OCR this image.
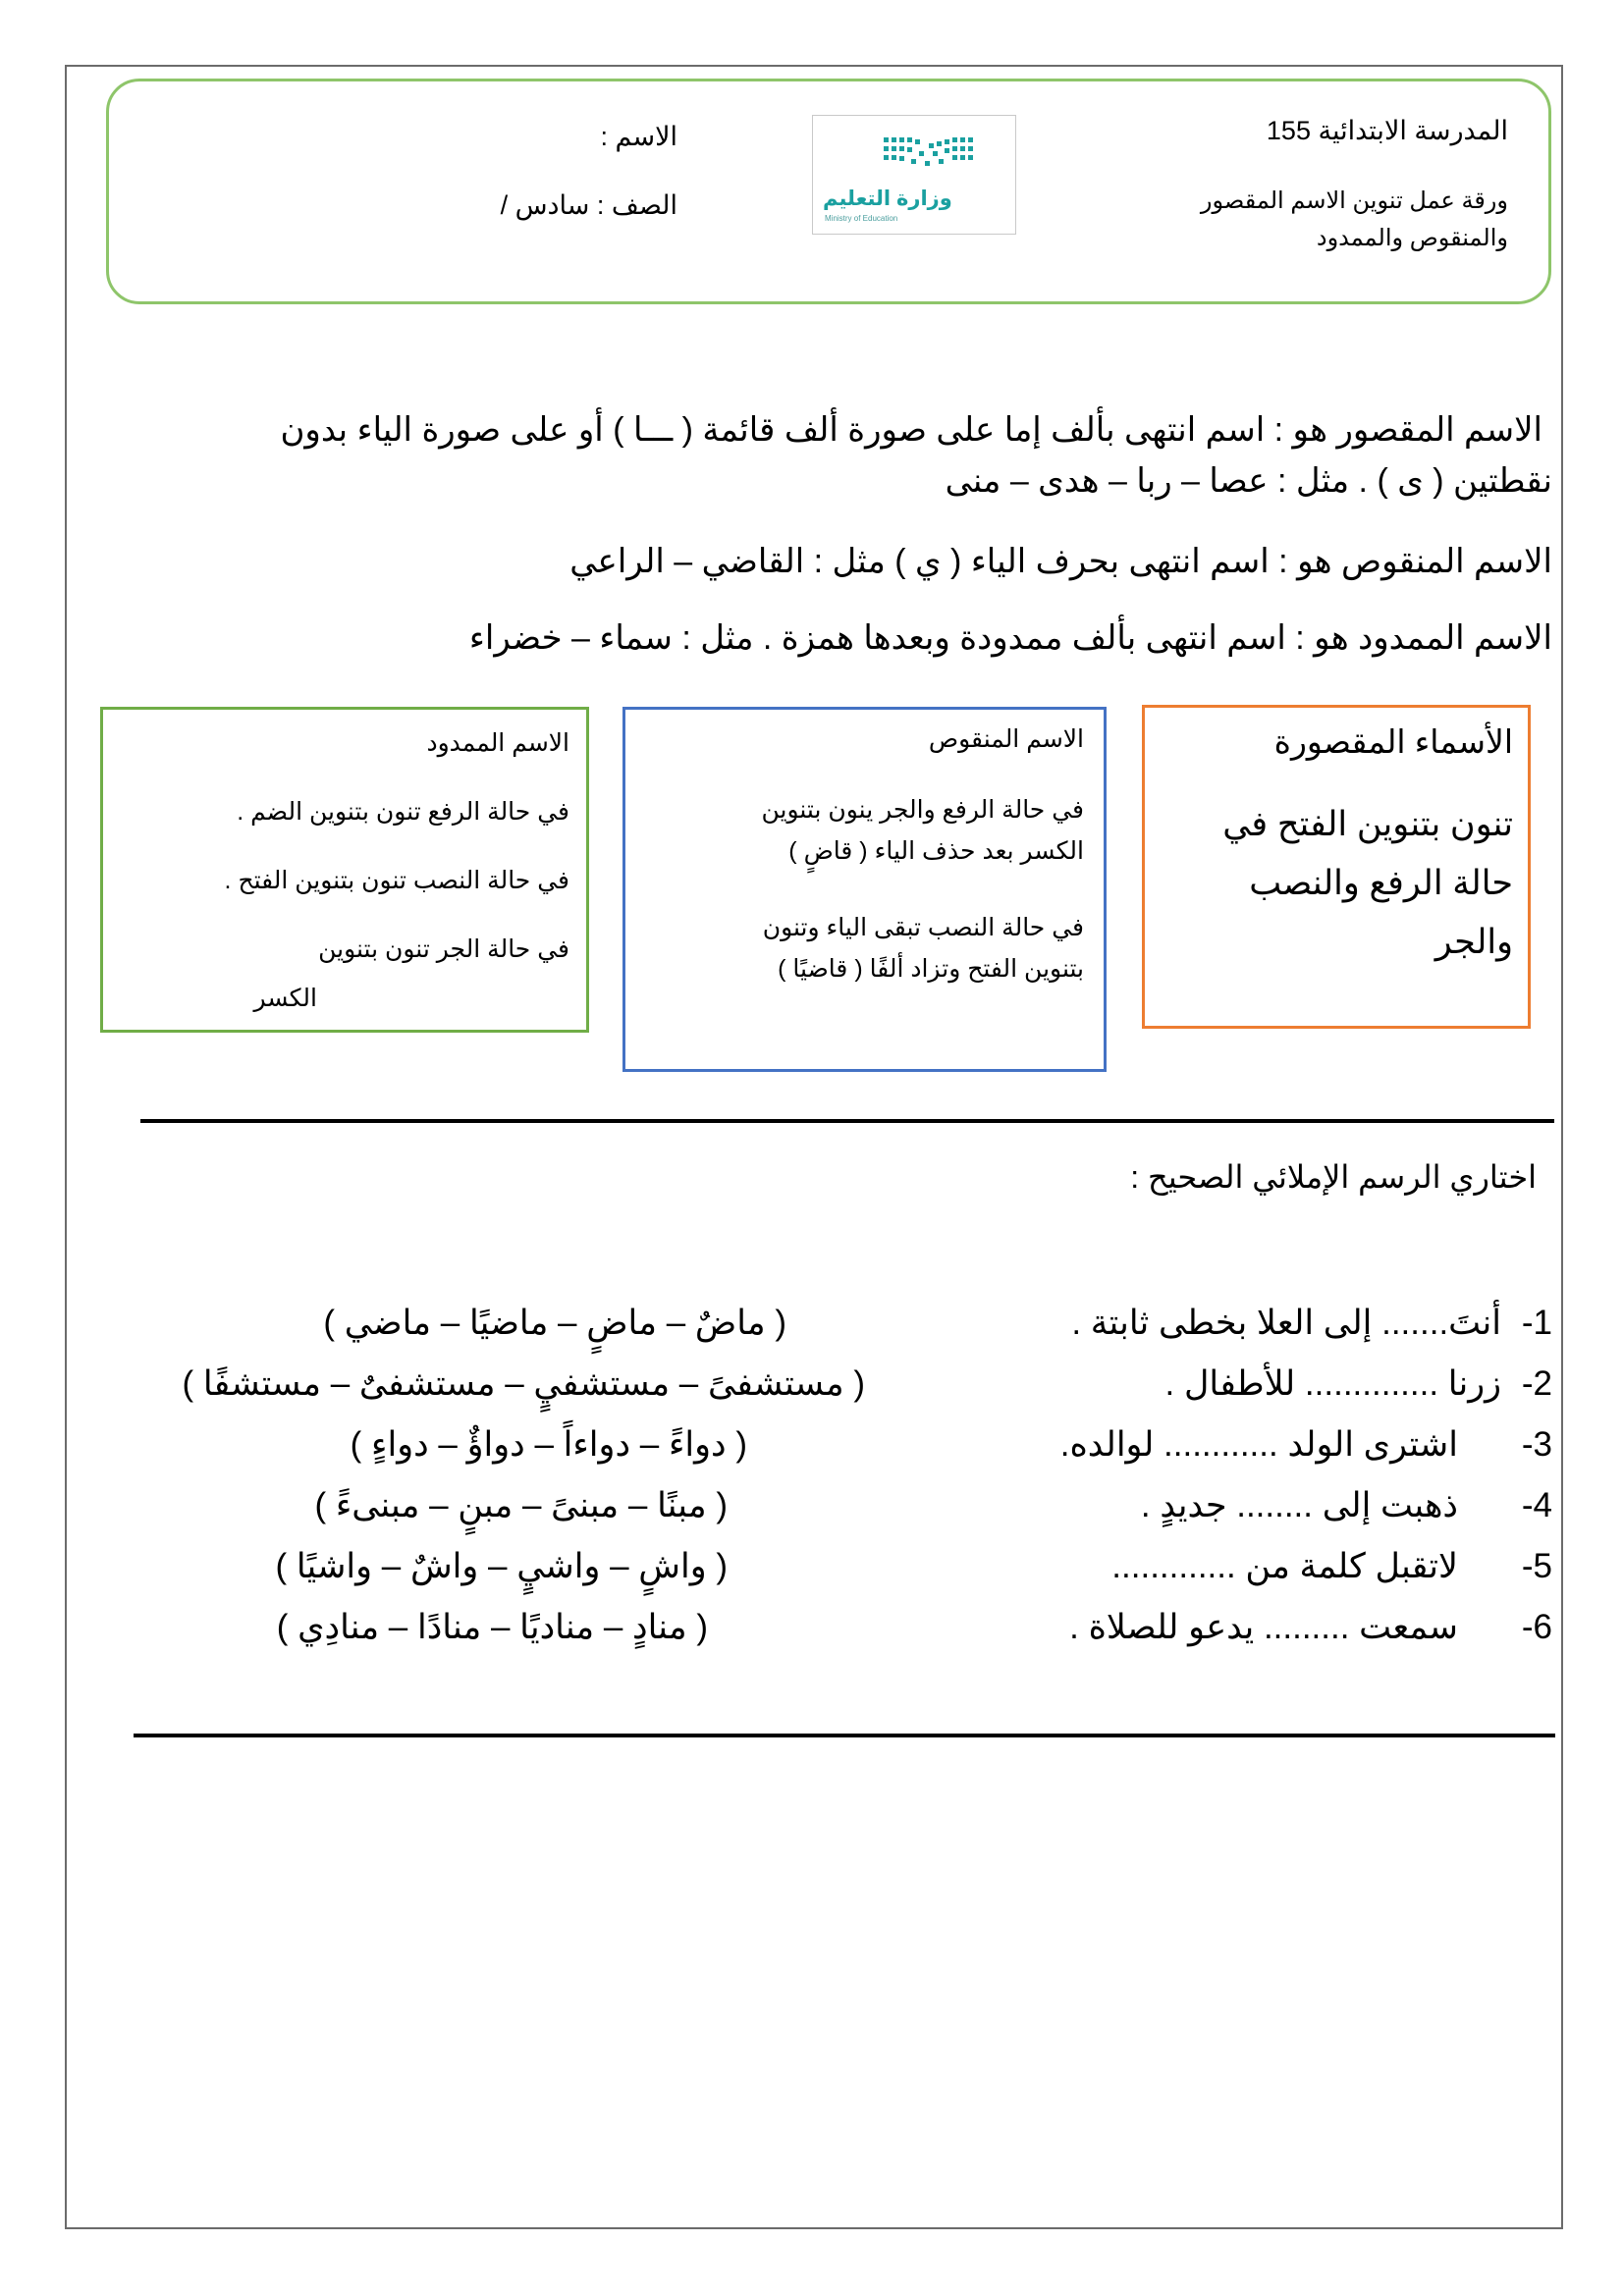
المدرسة الابتدائية 155
ورقة عمل تنوين الاسم المقصور
والمنقوص والممدود
الاسم :
الصف : سادس /	وزارة التعليم
Ministry of Education
الاسم المقصور هو : اسم انتهى بألف إما على صورة ألف قائمة ( ـــا ) أو على صورة الياء بدون
نقطتين ( ى ) . مثل : عصا – ربا – هدى – منى
الاسم المنقوص هو : اسم انتهى بحرف الياء ( ي ) مثل : القاضي – الراعي
الاسم الممدود هو : اسم انتهى بألف ممدودة وبعدها همزة . مثل : سماء – خضراء
الاسم الممدود
في حالة الرفع تنون بتنوين الضم .
في حالة النصب تنون بتنوين الفتح .
في حالة الجر تنون بتنوين
الكسر
الاسم المنقوص
في حالة الرفع والجر ينون بتنوين
الكسر بعد حذف الياء ( قاضٍ )
في حالة النصب تبقى الياء وتنون
بتنوين الفتح وتزاد ألفًا ( قاضيًا )
الأسماء المقصورة
تنون بتنوين الفتح في
حالة الرفع والنصب
والجر
اختاري الرسم الإملائي الصحيح :
1-
أنتَ....... إلى العلا بخطى ثابتة .
( ماضٌ – ماضٍ – ماضيًا – ماضي )
2-
زرنا .............. للأطفال .
( مستشفىً – مستشفيٍ – مستشفىٌ – مستشفًا )
3-
اشترى الولد ............ لوالده.
( دواءً – دواءاً – دواؤٌ – دواءٍ )
4-
ذهبت إلى ........ جديدٍ .
( مبنًا – مبنىً – مبنٍ – مبنىءً )
5-
لاتقبل كلمة من .............
( واشٍ – واشيٍ – واشٌ – واشيًا )
6-
سمعت ......... يدعو للصلاة .
( منادٍ – مناديًا – منادًا – منادِي )
